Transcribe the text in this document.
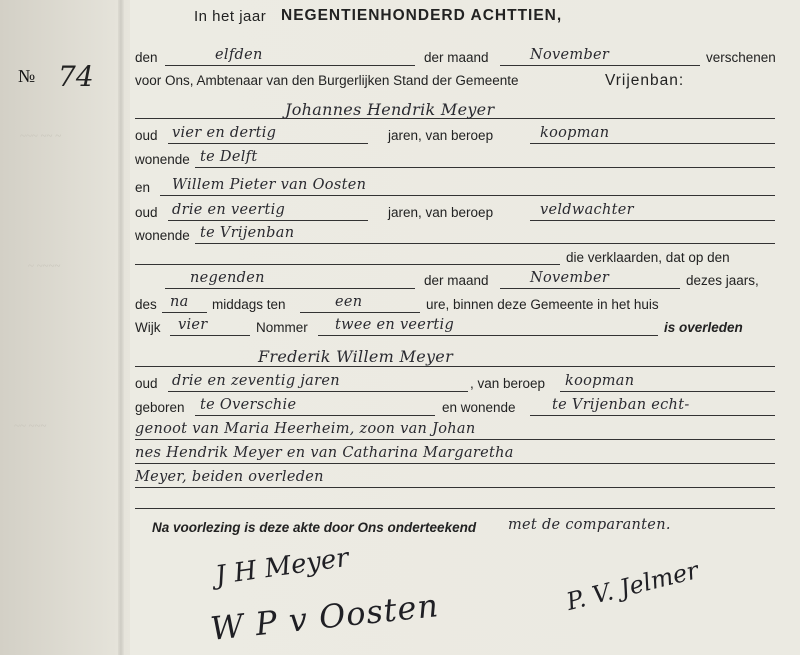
~~~ ~~ ~
~ ~~~~
~~ ~~~
№ 74
In het jaar NEGENTIENHONDERD ACHTTIEN,
den	elfden	der maand	November	verschenen
voor Ons, Ambtenaar van den Burgerlijken Stand der Gemeente	Vrijenban:
Johannes Hendrik Meyer
oud vier en dertig	jaren, van beroep	koopman
wonende te Delft
en Willem Pieter van Oosten
oud drie en veertig	jaren, van beroep	veldwachter
wonende te Vrijenban
die verklaarden, dat op den
negenden	der maand	November	dezes jaars,
des na middags ten	een	ure, binnen deze Gemeente in het huis
Wijk vier	Nommer twee en veertig	is overleden
Frederik Willem Meyer
oud drie en zeventig jaren	, van beroep koopman
geboren te Overschie	en wonende	te Vrijenban echt-
genoot van Maria Heerheim, zoon van Johan
nes Hendrik Meyer en van Catharina Margaretha
Meyer, beiden overleden
Na voorlezing is deze akte door Ons onderteekend met de comparanten.
J H Meyer
W P v Oosten
P. V. Jelmer
